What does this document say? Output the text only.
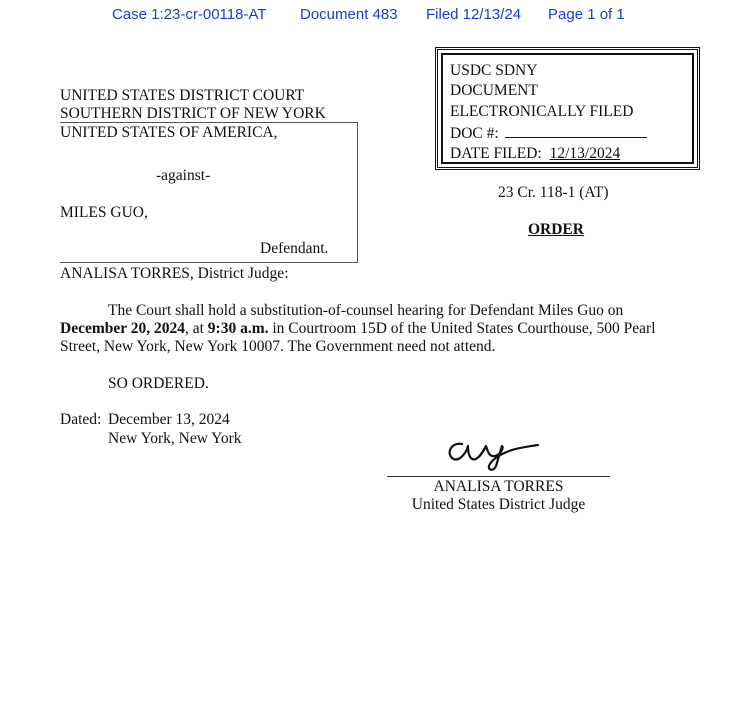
Case 1:23-cr-00118-AT Document 483 Filed 12/13/24 Page 1 of 1
USDC SDNY
DOCUMENT
ELECTRONICALLY FILED
DOC #:
DATE FILED: 12/13/2024
UNITED STATES DISTRICT COURT
SOUTHERN DISTRICT OF NEW YORK
UNITED STATES OF AMERICA,
-against-
MILES GUO,
Defendant.
23 Cr. 118-1 (AT)
ORDER
ANALISA TORRES, District Judge:
The Court shall hold a substitution-of-counsel hearing for Defendant Miles Guo on
December 20, 2024, at 9:30 a.m. in Courtroom 15D of the United States Courthouse, 500 Pearl
Street, New York, New York 10007. The Government need not attend.
SO ORDERED.
Dated: December 13, 2024
New York, New York
ANALISA TORRES
United States District Judge
